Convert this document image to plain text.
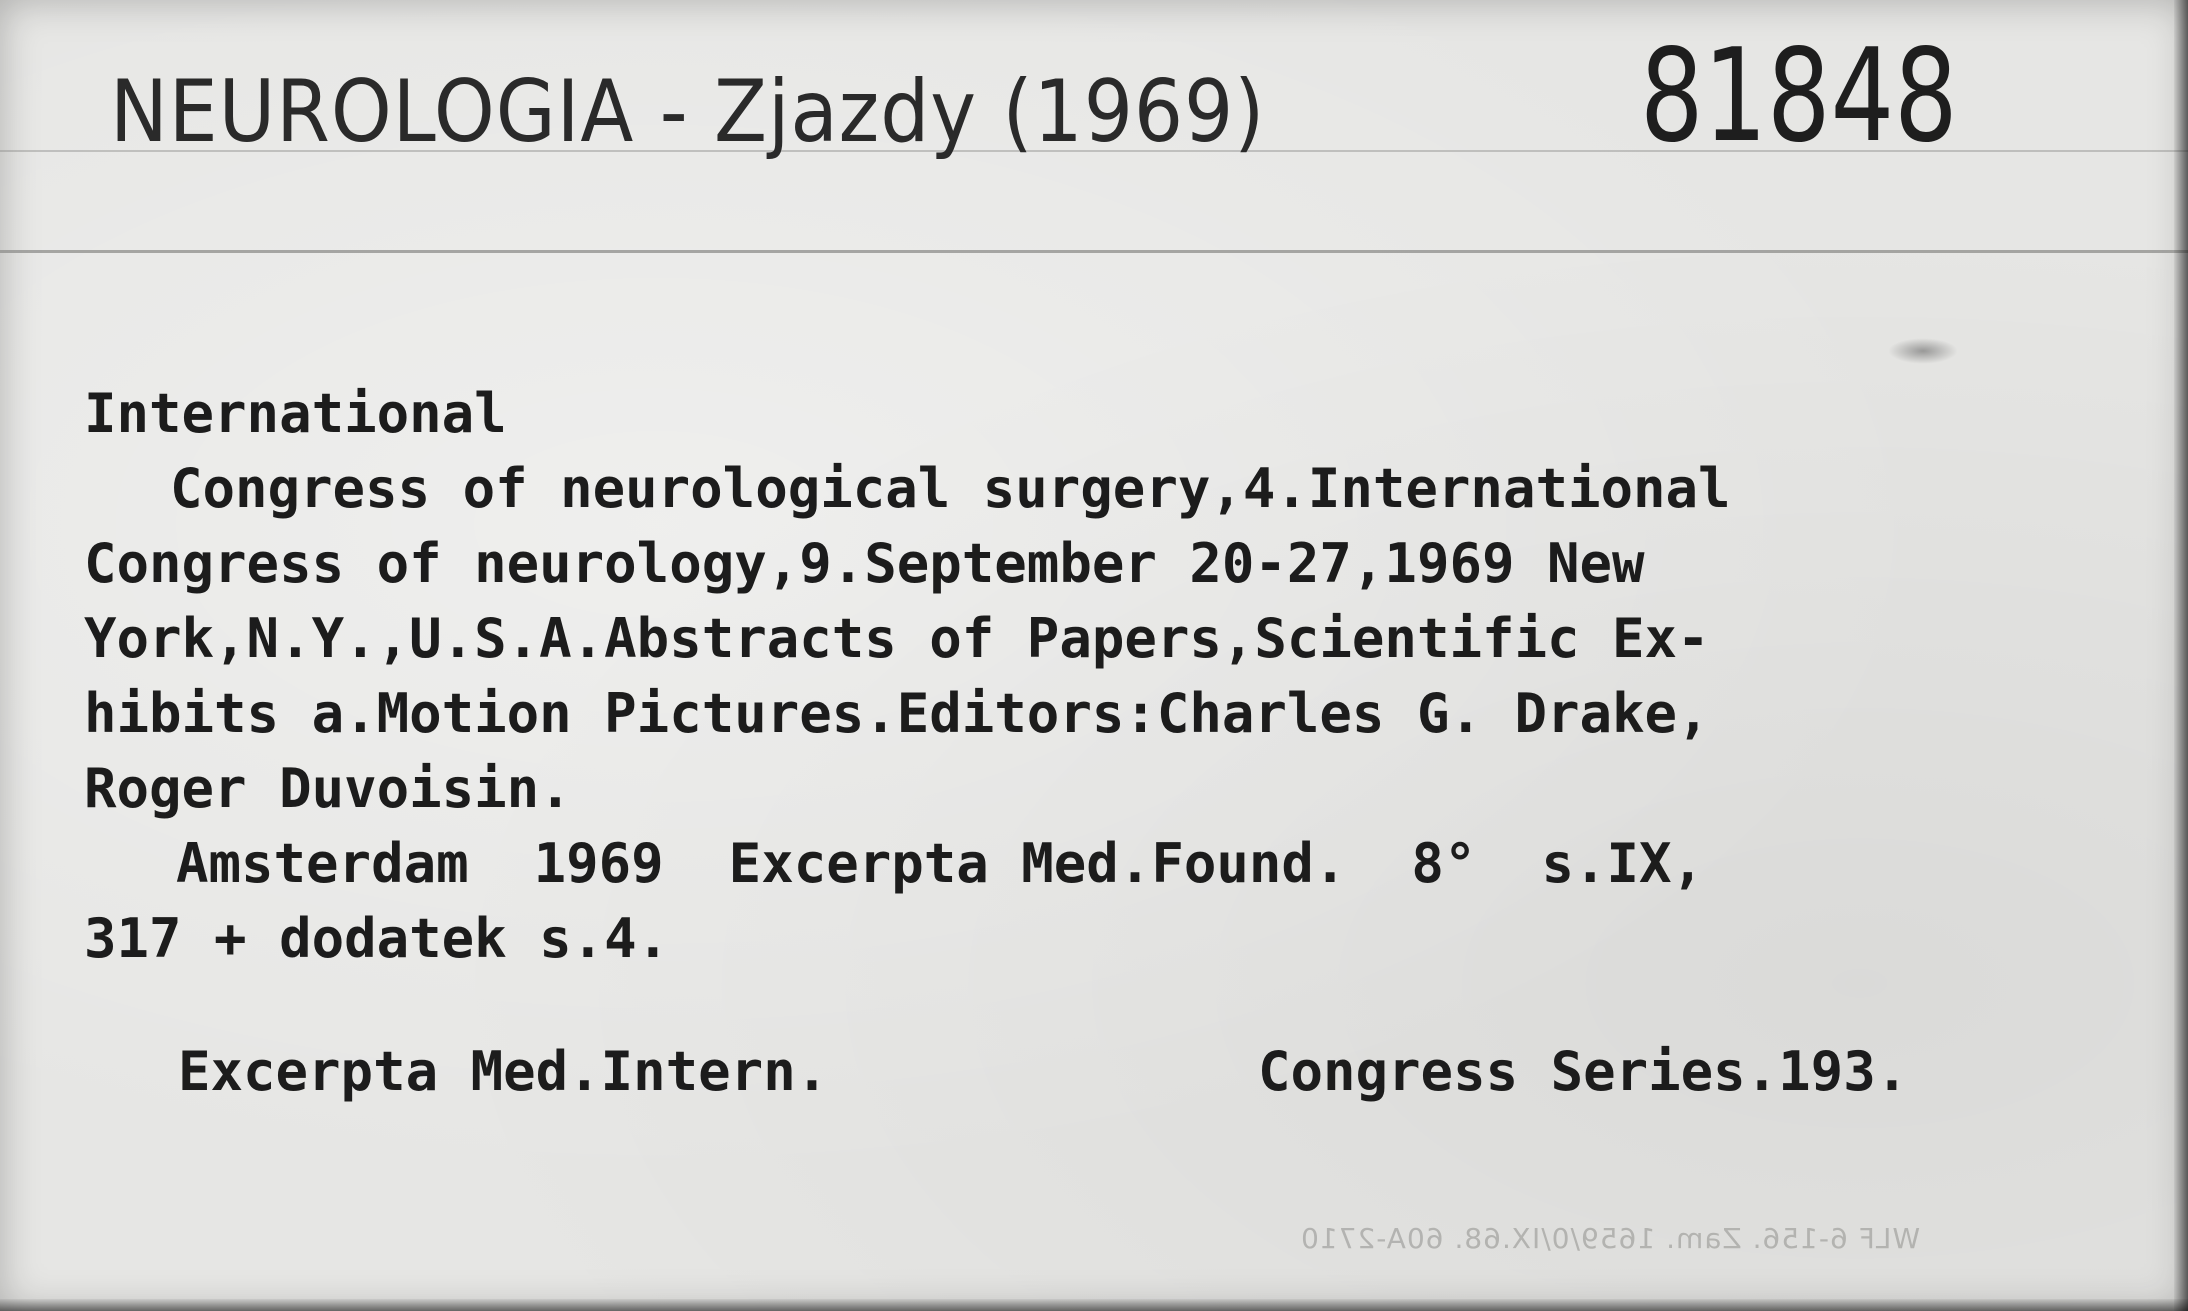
NEUROLOGIA - Zjazdy (1969)	81848
International
Congress of neurological surgery,4.International
Congress of neurology,9.September 20-27,1969 New
York,N.Y.,U.S.A.Abstracts of Papers,Scientific Ex-
hibits a.Motion Pictures.Editors:Charles G. Drake,
Roger Duvoisin.
Amsterdam  1969  Excerpta Med.Found.  8°  s.IX,
317 + dodatek s.4.
Excerpta Med.Intern.	Congress Series.193.
WLF 6-156. Zam. 1659/0/IX.68. 60A-2710
